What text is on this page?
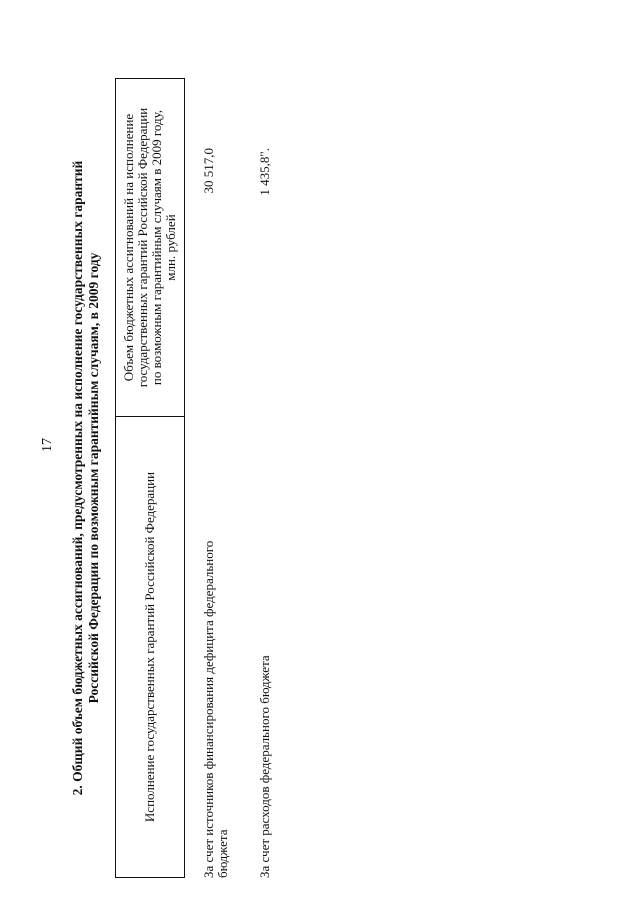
17 2. Общий объем бюджетных ассигнований, предусмотренных на исполнение государственных гарантий Российской Федерации по возможным гарантийным случаям, в 2009 году	Исполнение государственных гарантий Российской Федерации
Объем бюджетных ассигнований на исполнение государственных гарантий Российской Федерации по возможным гарантийным случаям в 2009 году, млн. рублей
За счет источников финансирования дефицита федерального бюджета
30 517,0
За счет расходов федерального бюджета
1 435,8".
